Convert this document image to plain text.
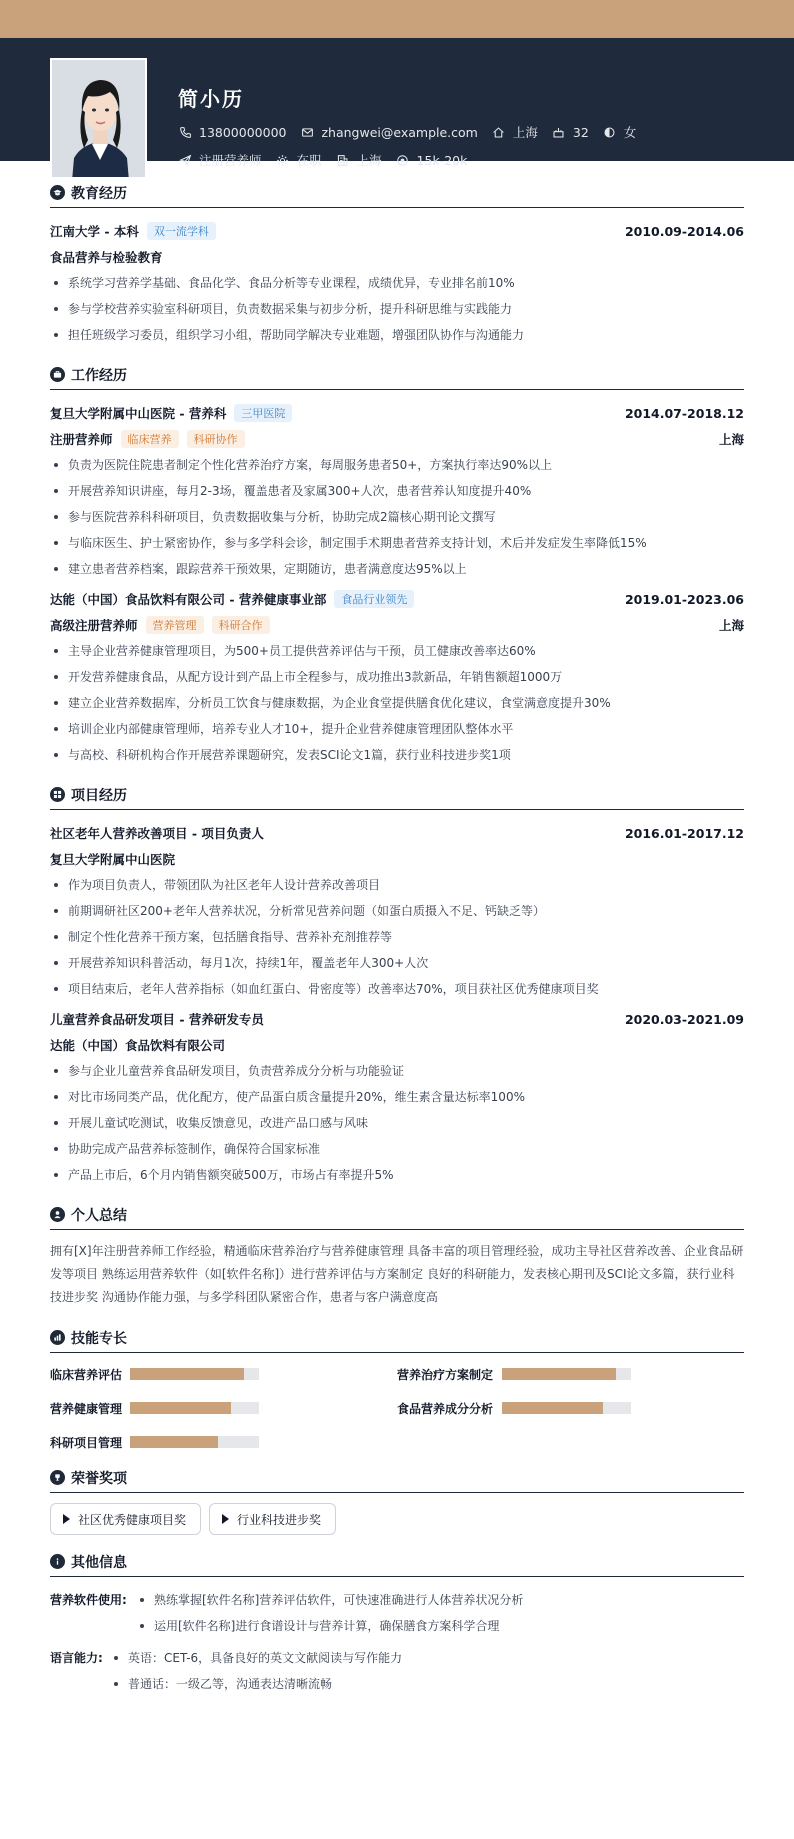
简小历
13800000000	zhangwei@example.com	上海	32	女
注册营养师	在职	上海	15k-20k
教育经历
江南大学 - 本科	双一流学科	2010.09-2014.06
食品营养与检验教育
系统学习营养学基础、食品化学、食品分析等专业课程，成绩优异，专业排名前10%
参与学校营养实验室科研项目，负责数据采集与初步分析，提升科研思维与实践能力
担任班级学习委员，组织学习小组，帮助同学解决专业难题，增强团队协作与沟通能力
工作经历
复旦大学附属中山医院 - 营养科	三甲医院	2014.07-2018.12
注册营养师	临床营养	科研协作	上海
负责为医院住院患者制定个性化营养治疗方案，每周服务患者50+，方案执行率达90%以上
开展营养知识讲座，每月2-3场，覆盖患者及家属300+人次，患者营养认知度提升40%
参与医院营养科科研项目，负责数据收集与分析，协助完成2篇核心期刊论文撰写
与临床医生、护士紧密协作，参与多学科会诊，制定围手术期患者营养支持计划，术后并发症发生率降低15%
建立患者营养档案，跟踪营养干预效果，定期随访，患者满意度达95%以上
达能（中国）食品饮料有限公司 - 营养健康事业部	食品行业领先	2019.01-2023.06
高级注册营养师	营养管理	科研合作	上海
主导企业营养健康管理项目，为500+员工提供营养评估与干预，员工健康改善率达60%
开发营养健康食品，从配方设计到产品上市全程参与，成功推出3款新品，年销售额超1000万
建立企业营养数据库，分析员工饮食与健康数据，为企业食堂提供膳食优化建议，食堂满意度提升30%
培训企业内部健康管理师，培养专业人才10+，提升企业营养健康管理团队整体水平
与高校、科研机构合作开展营养课题研究，发表SCI论文1篇，获行业科技进步奖1项
项目经历
社区老年人营养改善项目 - 项目负责人	2016.01-2017.12
复旦大学附属中山医院
作为项目负责人，带领团队为社区老年人设计营养改善项目
前期调研社区200+老年人营养状况，分析常见营养问题（如蛋白质摄入不足、钙缺乏等）
制定个性化营养干预方案，包括膳食指导、营养补充剂推荐等
开展营养知识科普活动，每月1次，持续1年，覆盖老年人300+人次
项目结束后，老年人营养指标（如血红蛋白、骨密度等）改善率达70%，项目获社区优秀健康项目奖
儿童营养食品研发项目 - 营养研发专员	2020.03-2021.09
达能（中国）食品饮料有限公司
参与企业儿童营养食品研发项目，负责营养成分分析与功能验证
对比市场同类产品，优化配方，使产品蛋白质含量提升20%，维生素含量达标率100%
开展儿童试吃测试，收集反馈意见，改进产品口感与风味
协助完成产品营养标签制作，确保符合国家标准
产品上市后，6个月内销售额突破500万，市场占有率提升5%
个人总结
拥有[X]年注册营养师工作经验，精通临床营养治疗与营养健康管理 具备丰富的项目管理经验，成功主导社区营养改善、企业食品研
发等项目 熟练运用营养软件（如[软件名称]）进行营养评估与方案制定 良好的科研能力，发表核心期刊及SCI论文多篇，获行业科
技进步奖 沟通协作能力强，与多学科团队紧密合作，患者与客户满意度高
技能专长
临床营养评估	营养治疗方案制定
营养健康管理	食品营养成分分析
科研项目管理
荣誉奖项
社区优秀健康项目奖	行业科技进步奖
其他信息
营养软件使用:	熟练掌握[软件名称]营养评估软件，可快速准确进行人体营养状况分析
运用[软件名称]进行食谱设计与营养计算，确保膳食方案科学合理
语言能力:	英语：CET-6，具备良好的英文文献阅读与写作能力
普通话：一级乙等，沟通表达清晰流畅
